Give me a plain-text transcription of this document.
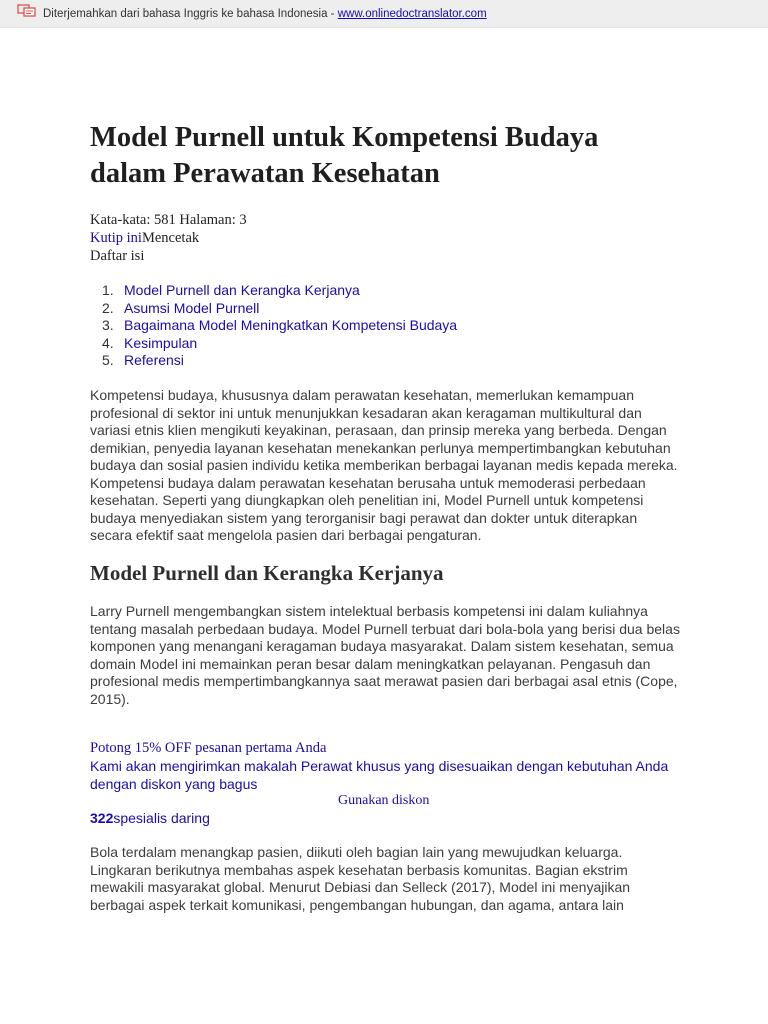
Diterjemahkan dari bahasa Inggris ke bahasa Indonesia - www.onlinedoctranslator.com
Model Purnell untuk Kompetensi Budaya dalam Perawatan Kesehatan
Kata-kata: 581 Halaman: 3
Kutip iniMencetak
Daftar isi
1. Model Purnell dan Kerangka Kerjanya
2. Asumsi Model Purnell
3. Bagaimana Model Meningkatkan Kompetensi Budaya
4. Kesimpulan
5. Referensi

Kompetensi budaya, khususnya dalam perawatan kesehatan, memerlukan kemampuan profesional di sektor ini untuk menunjukkan kesadaran akan keragaman multikultural dan variasi etnis klien mengikuti keyakinan, perasaan, dan prinsip mereka yang berbeda. Dengan demikian, penyedia layanan kesehatan menekankan perlunya mempertimbangkan kebutuhan budaya dan sosial pasien individu ketika memberikan berbagai layanan medis kepada mereka. Kompetensi budaya dalam perawatan kesehatan berusaha untuk memoderasi perbedaan kesehatan. Seperti yang diungkapkan oleh penelitian ini, Model Purnell untuk kompetensi budaya menyediakan sistem yang terorganisir bagi perawat dan dokter untuk diterapkan secara efektif saat mengelola pasien dari berbagai pengaturan.

Model Purnell dan Kerangka Kerjanya

Larry Purnell mengembangkan sistem intelektual berbasis kompetensi ini dalam kuliahnya tentang masalah perbedaan budaya. Model Purnell terbuat dari bola-bola yang berisi dua belas komponen yang menangani keragaman budaya masyarakat. Dalam sistem kesehatan, semua domain Model ini memainkan peran besar dalam meningkatkan pelayanan. Pengasuh dan profesional medis mempertimbangkannya saat merawat pasien dari berbagai asal etnis (Cope, 2015).

Potong 15% OFF pesanan pertama Anda
Kami akan mengirimkan makalah Perawat khusus yang disesuaikan dengan kebutuhan Anda dengan diskon yang bagus
Gunakan diskon
322spesialis daring

Bola terdalam menangkap pasien, diikuti oleh bagian lain yang mewujudkan keluarga. Lingkaran berikutnya membahas aspek kesehatan berbasis komunitas. Bagian ekstrim mewakili masyarakat global. Menurut Debiasi dan Selleck (2017), Model ini menyajikan berbagai aspek terkait komunikasi, pengembangan hubungan, dan agama, antara lain
